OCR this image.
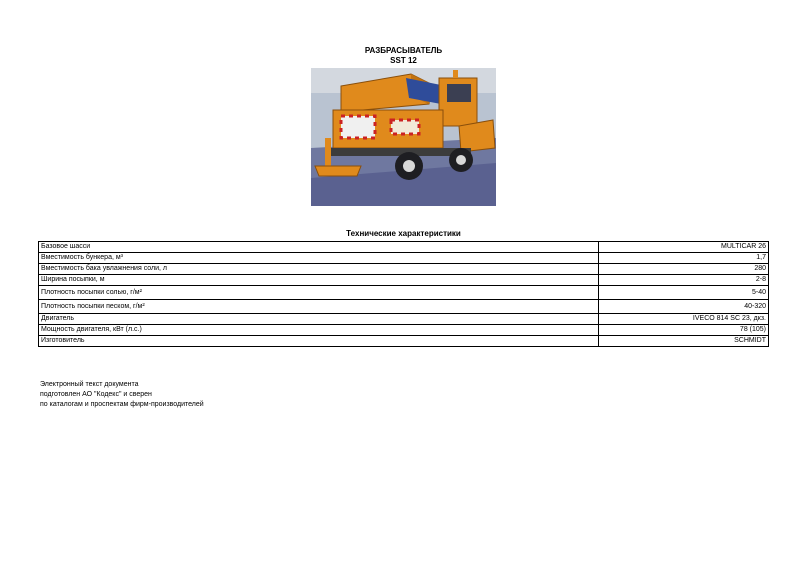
РАЗБРАСЫВАТЕЛЬ
SST 12
Технические характеристики
Базовое шасси	MULTICAR 26
Вместимость бункера, м³	1,7
Вместимость бака увлажнения соли, л	280
Ширина посыпки, м	2-8
Плотность посыпки солью, г/м²	5-40
Плотность посыпки песком, г/м²	40-320
Двигатель	IVECO 814 SC 23, дкз.
Мощность двигателя, кВт (л.с.)	78 (105)
Изготовитель	SCHMIDT
Электронный текст документа
подготовлен АО "Кодекс" и сверен
по каталогам и проспектам фирм-производителей
